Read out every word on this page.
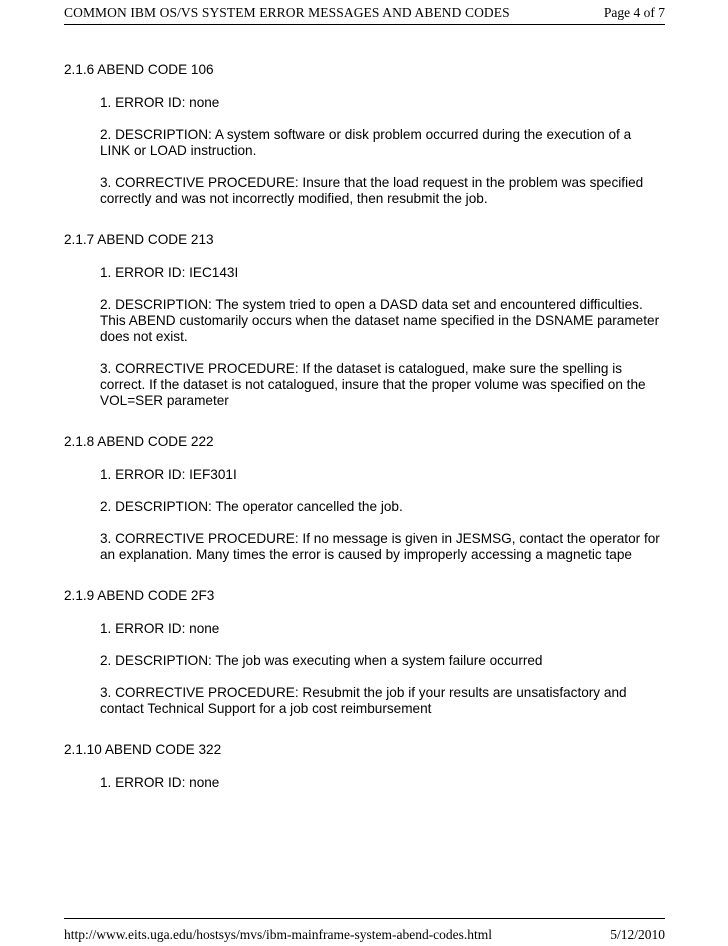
COMMON IBM OS/VS SYSTEM ERROR MESSAGES AND ABEND CODES	Page 4 of 7
2.1.6 ABEND CODE 106
1. ERROR ID: none
2. DESCRIPTION: A system software or disk problem occurred during the execution of a LINK or LOAD instruction.
3. CORRECTIVE PROCEDURE: Insure that the load request in the problem was specified correctly and was not incorrectly modified, then resubmit the job.
2.1.7 ABEND CODE 213
1. ERROR ID: IEC143I
2. DESCRIPTION: The system tried to open a DASD data set and encountered difficulties. This ABEND customarily occurs when the dataset name specified in the DSNAME parameter does not exist.
3. CORRECTIVE PROCEDURE: If the dataset is catalogued, make sure the spelling is correct. If the dataset is not catalogued, insure that the proper volume was specified on the VOL=SER parameter
2.1.8 ABEND CODE 222
1. ERROR ID: IEF301I
2. DESCRIPTION: The operator cancelled the job.
3. CORRECTIVE PROCEDURE: If no message is given in JESMSG, contact the operator for an explanation. Many times the error is caused by improperly accessing a magnetic tape
2.1.9 ABEND CODE 2F3
1. ERROR ID: none
2. DESCRIPTION: The job was executing when a system failure occurred
3. CORRECTIVE PROCEDURE: Resubmit the job if your results are unsatisfactory and contact Technical Support for a job cost reimbursement
2.1.10 ABEND CODE 322
1. ERROR ID: none
http://www.eits.uga.edu/hostsys/mvs/ibm-mainframe-system-abend-codes.html	5/12/2010
